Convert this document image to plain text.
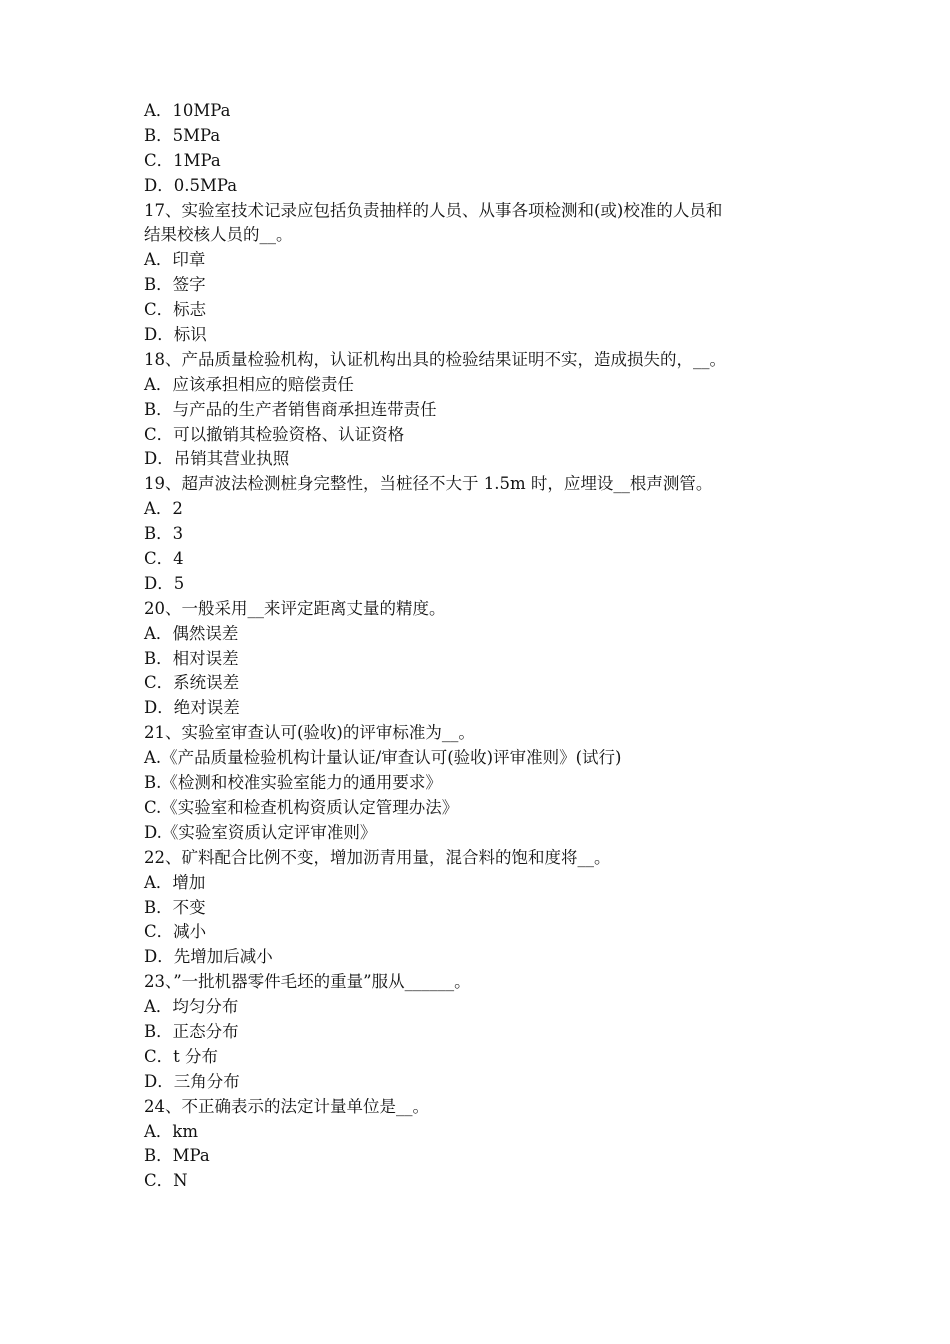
A．10MPa
B．5MPa
C．1MPa
D．0.5MPa
17、实验室技术记录应包括负责抽样的人员、从事各项检测和(或)校准的人员和
结果校核人员的__。
A．印章
B．签字
C．标志
D．标识
18、产品质量检验机构，认证机构出具的检验结果证明不实，造成损失的，__。
A．应该承担相应的赔偿责任
B．与产品的生产者销售商承担连带责任
C．可以撤销其检验资格、认证资格
D．吊销其营业执照
19、超声波法检测桩身完整性，当桩径不大于 1.5m 时，应埋设__根声测管。
A．2
B．3
C．4
D．5
20、一般采用__来评定距离丈量的精度。
A．偶然误差
B．相对误差
C．系统误差
D．绝对误差
21、实验室审查认可(验收)的评审标准为__。
A.《产品质量检验机构计量认证/审查认可(验收)评审准则》(试行)
B.《检测和校准实验室能力的通用要求》
C.《实验室和检查机构资质认定管理办法》
D.《实验室资质认定评审准则》
22、矿料配合比例不变，增加沥青用量，混合料的饱和度将__。
A．增加
B．不变
C．减小
D．先增加后减小
23、”一批机器零件毛坯的重量”服从______。
A．均匀分布
B．正态分布
C．t 分布
D．三角分布
24、不正确表示的法定计量单位是__。
A．km
B．MPa
C．N
